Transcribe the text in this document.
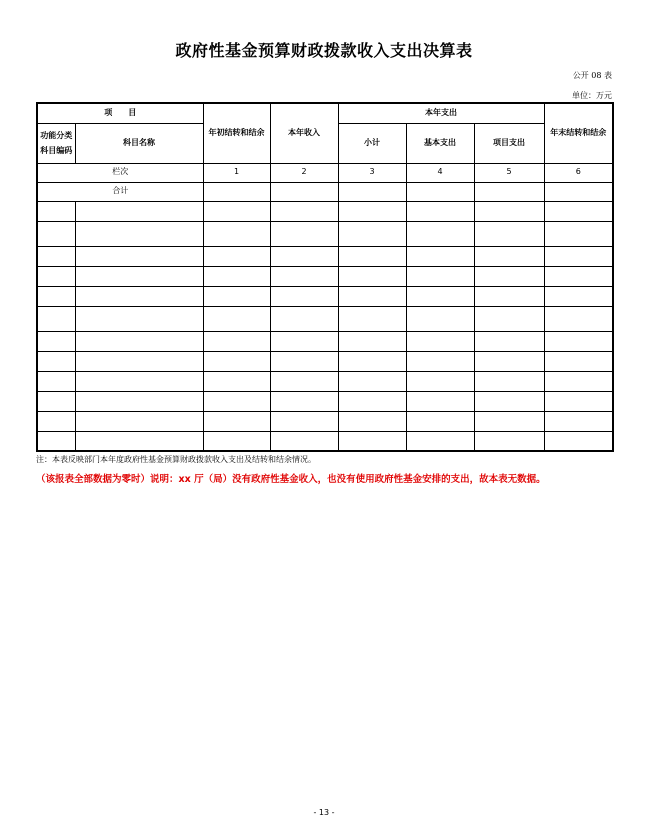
政府性基金预算财政拨款收入支出决算表
公开 08 表
单位：万元
项　　目		年初结转和结余	本年收入	本年支出			年末结转和结余
功能分类
科目编码	科目名称			小计	基本支出	项目支出	
栏次		1	2	3	4	5	6
合计							

注：本表反映部门本年度政府性基金预算财政拨款收入支出及结转和结余情况。
（该报表全部数据为零时）说明：xx 厅（局）没有政府性基金收入，也没有使用政府性基金安排的支出，故本表无数据。
- 13 -
